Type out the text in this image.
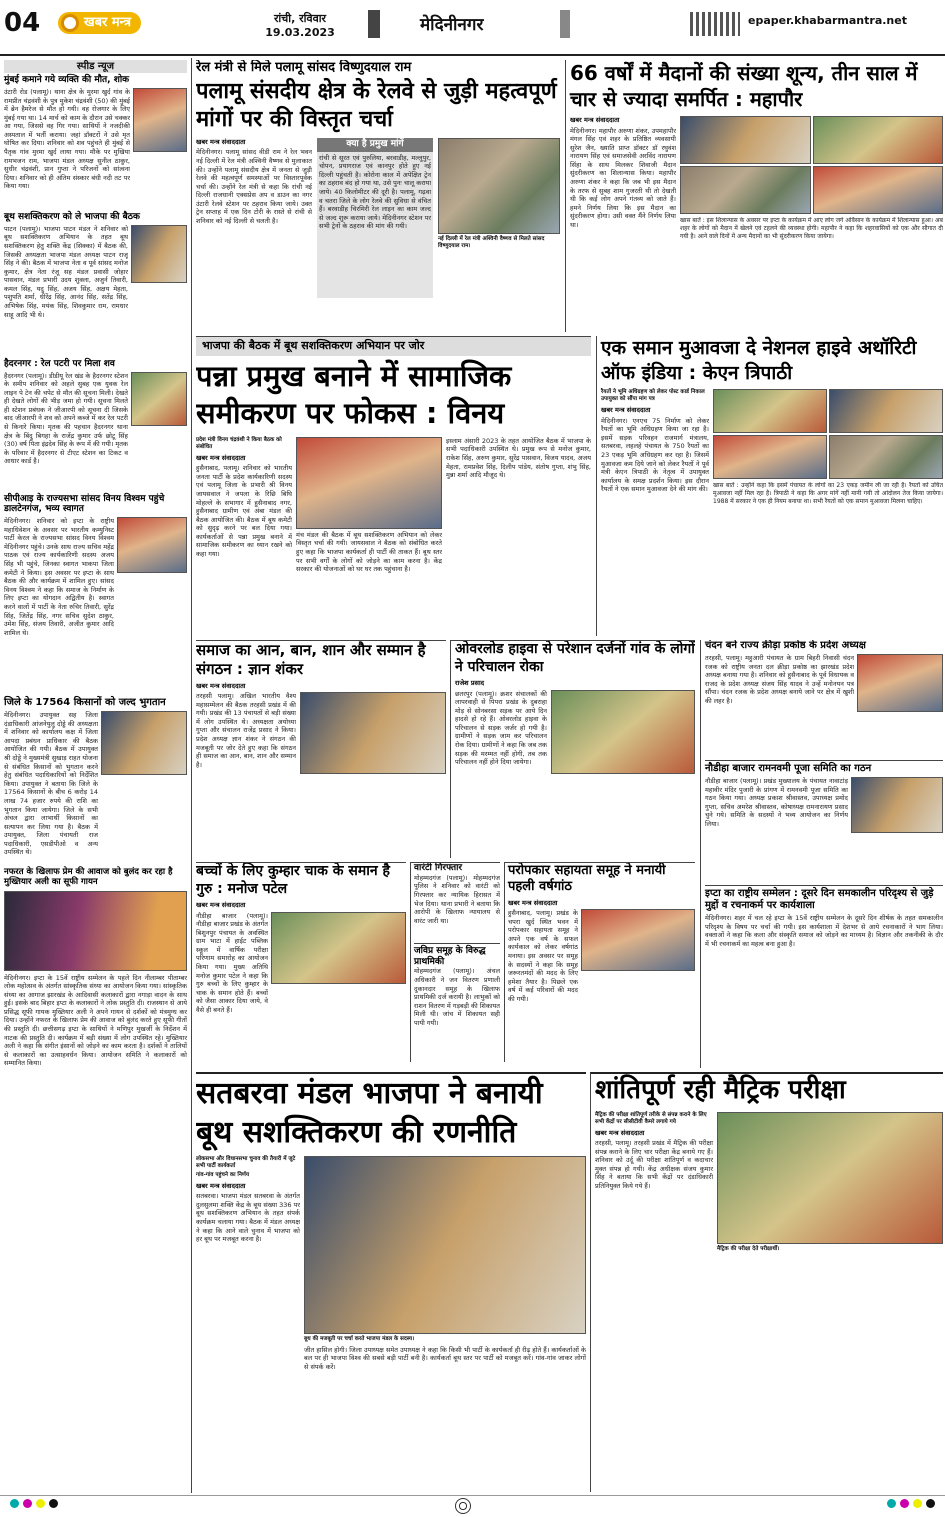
04	खबर मन्त्र	रांची, रविवार
19.03.2023	मेदिनीनगर	epaper.khabarmantra.net
स्पीड न्यूज
मुंबई कमाने गये व्यक्ति की मौत, शोक
उंटारी रोड (पलामू)। थाना क्षेत्र के मुरमा खुर्द गांव के रामप्रीत चंद्रवंशी के पुत्र मुकेश चंद्रवंशी (50) की मुंबई में ब्रेन हैमरेज से मौत हो गयी। वह रोजगार के लिए मुंबई गया था। 14 मार्च को काम के दौरान उसे चक्कर आ गया, जिससे वह गिर गया। साथियों ने नजदीकी अस्पताल में भर्ती कराया। जहां डॉक्टरों ने उसे मृत घोषित कर दिया। शनिवार को शव पहुंचते ही मुंबई से पैतृक गांव मुरमा खुर्द लाया गया। मौके पर मुखिया रामभजन राम, भाजपा मंडल अध्यक्ष सुनील ठाकुर, सुधीर चंद्रवंशी, प्रान गुप्ता ने परिजनों को सांत्वना दिया। शनिवार को ही अंतिम संस्कार बंधी नदी तट पर किया गया।
बूथ सशक्तिकरण को ले भाजपा की बैठक
पाटन (पलामू)। भाजपा पाटन मंडल ने शनिवार को बूथ सशक्तिकरण अभियान के तहत बूथ सशक्तिकरण हेतु शक्ति केंद्र (सिक्का) में बैठक की, जिसकी अध्यक्षता भाजपा मंडल अध्यक्ष पाटन राजू सिंह ने की। बैठक में भाजपा नेता व पूर्व सांसद मनोज कुमार, क्षेत्र नेता रंजू सह मंडल प्रवासी जोहार पासवान, मंडल प्रभारी उदय शुक्ला, अजुर्न तिवारी, कमल सिंह, यदु सिंह, अजय सिंह, अक्षय मेहता, पशुपति शर्मा, धीरेंद्र सिंह, आनंद सिंह, सतेंद्र सिंह, अभिषेक सिंह, मयंक सिंह, शिवकुमार राम, रामधार साहू आदि भी थे।
हैदरनगर : रेल पटरी पर मिला शव
हैदरनगर (पलामू)। डीडीयू रेल खंड के हैदरनगर स्टेशन के समीप शनिवार को अहले सुबह एक युवक रेल लाइन पे टेन की चपेट से मौत की सूचना मिली। देखते ही देखते लोगों की भीड़ जमा हो गयी। सूचना मिलते ही स्टेशन प्रबंधक ने जीआरपी को सूचना दी जिसके बाद जीआरपी ने शव को अपने कब्जे में कर रेल पटरी से किनारे किया। मृतक की पहचान हैदरनगर थाना क्षेत्र के बिंदु बिगहा के राजेंद्र कुमार उर्फ छोटू सिंह (30) वर्ष पिता इंद्रदेव सिंह के रूप में की गयी। मृतक के परिवार में हैदरनगर से टीएट स्टेशन का टिकट व आधार कार्ड है।
सीपीआइ के राज्यसभा सांसद विनय विश्वम पहुंचे डालटेनगंज, भव्य स्वागत
मेदिनीनगर। शनिवार को इप्टा के राष्ट्रीय महाधिवेशन के अवसर पर भारतीय कम्युनिस्ट पार्टी केरल के राज्यसभा सांसद विनय विश्वम मेदिनीनगर पहुंचे। उनके साथ राज्य सचिव महेंद्र पाठक एवं राज्य कार्यकारिणी सदस्य अजय सिंह भी पहुंचे, जिनका स्वागत भाकपा जिला कमेटी ने किया। इस अवसर पर इप्टा के साथ बैठक की और कार्यक्रम में शामिल हुए। सांसद विनय विश्वम ने कहा कि समाज के निर्माण के लिए इप्टा का योगदान अद्वितीय है। स्वागत करने वालों में पार्टी के नेता रुचिर तिवारी, सुरेंद्र सिंह, जितेंद्र सिंह, नगर सचिव सुदेश ठाकुर, उमेश सिंह, संजय तिवारी, अजीत कुमार आदि शामिल थे।
जिले के 17564 किसानों को जल्द भुगतान
मेदिनीनगर। उपायुक्त सह जिला दंडाधिकारी आंजनेयुलु दोड्डे की अध्यक्षता में शनिवार को कार्यालय कक्ष में जिला आपदा प्रबंधन प्राधिकार की बैठक आयोजित की गयी। बैठक में उपायुक्त श्री दोड्डे ने मुख्यमंत्री सुखाड़ राहत योजना से संबंधित किसानों को भुगतान करने हेतु संबंधित पदाधिकारियों को निर्देशित किया। उपायुक्त ने बताया कि जिले के 17564 किसानों के बीच 6 करोड़ 14 लाख 74 हजार रुपये की राशि का भुगतान किया जायेगा। जिले के सभी अंचल द्वारा लाभार्थी किसानों का सत्यापन कर लिया गया है। बैठक में उपायुक्त, जिला पंचायती राज पदाधिकारी, एसडीपीओ व अन्य उपस्थित थे।
नफरत के खिलाफ प्रेम की आवाज को बुलंद कर रहा है मुख्तियार अली का सूफी गायन
मेदिनीनगर। इप्टा के 15वें राष्ट्रीय सम्मेलन के पहले दिन नीलाम्बर पीताम्बर लोक महोत्सव के अंतर्गत सांस्कृतिक संध्या का आयोजन किया गया। सांस्कृतिक संध्या का आगाज झारखंड के आदिवासी कलाकारों द्वारा नगाड़ा वादन के साथ हुई। इसके बाद बिहार इप्टा के कलाकारों ने लोक प्रस्तुति दी। राजस्थान से आये प्रसिद्ध सूफी गायक मुख्तियार अली ने अपने गायन से दर्शकों को मंत्रमुग्ध कर दिया। उन्होंने नफरत के खिलाफ प्रेम की आवाज को बुलंद करते हुए सूफी गीतों की प्रस्तुति दी। छत्तीसगढ़ इप्टा के साथियों ने मणिपुर मुखर्जी के निर्देशन में नाटक की प्रस्तुति दी। कार्यक्रम में बड़ी संख्या में लोग उपस्थित रहे। मुख्तियार अली ने कहा कि संगीत इंसानों को जोड़ने का काम करता है। दर्शकों ने तालियों से कलाकारों का उत्साहवर्धन किया। आयोजन समिति ने कलाकारों को सम्मानित किया।
रेल मंत्री से मिले पलामू सांसद विष्णुदयाल राम
पलामू संसदीय क्षेत्र के रेलवे से जुड़ी महत्वपूर्ण मांगों पर की विस्तृत चर्चा
खबर मन्त्र संवाददाता
मेदिनीनगर। पलामू सांसद वीडी राम ने रेल भवन नई दिल्ली में रेल मंत्री अश्विनी वैष्णव से मुलाकात की। उन्होंने पलामू संसदीय क्षेत्र में जनता से जुड़ी रेलवे की महत्वपूर्ण समस्याओं पर विस्तारपूर्वक चर्चा की। उन्होंने रेल मंत्री से कहा कि रांची नई दिल्ली राजधानी एक्सप्रेस अप व डाउन का नगर उंटारी रेलवे स्टेशन पर ठहराव किया जाये। उक्त ट्रेन सप्ताह में एक दिन टोरी के रास्ते से रांची से शनिवार को नई दिल्ली से चलती है।
क्या है प्रमुख मांगें
रांची से सूरत एवं पुरुलिया, बरवाडीह, मल्लुपुर, चोपन, प्रयागराज एवं कानपुर होते हुए नई दिल्ली पहुंचती है। कोरोना काल में अपेक्षित ट्रेन का ठहराव बंद हो गया था, उसे पुनः चालू कराया जाये। 40 किलोमीटर की दूरी है। पलामू, गढ़वा व चतरा जिले के लोग रेलवे की सुविधा से वंचित हैं। बरवाडीह चिरमिरी रेल लाइन का काम जल्द से जल्द शुरू कराया जाये। मेदिनीनगर स्टेशन पर सभी ट्रेनों के ठहराव की मांग की गयी।
नई दिल्ली में रेल मंत्री अश्विनी वैष्णव से मिलते सांसद विष्णुदयाल राम।
66 वर्षों में मैदानों की संख्या शून्य, तीन साल में चार से ज्यादा समर्पित : महापौर
खबर मन्त्र संवाददाता
मेदिनीनगर। महापौर अरुणा शंकर, उपमहापौर मंगल सिंह एवं शहर के प्रतिष्ठित व्यवसायी सुरेश जैन, ख्याति प्राप्त डॉक्टर डॉ रघुवंश नारायण सिंह एवं समाजसेवी अरविंद नारायण सिंहा के साथ मिलकर शिवाजी मैदान सुंदरीकरण का शिलान्यास किया। महापौर अरुणा शंकर ने कहा कि जब भी इस मैदान के तरफ से सुबह शाम गुजरती थी तो देखती थी कि कई लोग अपने गंतव्य को जाते हैं। हमने निर्णय लिया कि इस मैदान का सुंदरीकरण होगा। उसी वक्त मैंने निर्णय लिया था।
खास बातें : इस शिलान्यास के अवसर पर इप्टा के कार्यक्रम में आए लोग जगे ओवैसान के कार्यक्रम में शिलान्यास हुआ। अब शहर के लोगों को मैदान में खेलने एवं टहलने की व्यवस्था होगी। महापौर ने कहा कि शहरवासियों को एक और सौगात दी गयी है। आने वाले दिनों में अन्य मैदानों का भी सुंदरीकरण किया जायेगा।
भाजपा की बैठक में बूथ सशक्तिकरण अभियान पर जोर
पन्ना प्रमुख बनाने में सामाजिक समीकरण पर फोकस : विनय
प्रदेश मंत्री विनय चंद्रवंशी ने किया बैठक को संबोधित
खबर मन्त्र संवाददाता
हुसैनाबाद, पलामू। शनिवार को भारतीय जनता पार्टी के प्रदेश कार्यकारिणी सदस्य एवं पलामू जिला के प्रभारी श्री विनय जायसवाल ने जपला के रिछि बिघि मोहल्ले के सभागार में हुसैनाबाद नगर, हुसैनाबाद ग्रामीण एवं अंबा मंडल की बैठक आयोजित की। बैठक में बूथ कमेटी को सुदृढ़ करने पर बल दिया गया। कार्यकर्ताओं से पन्ना प्रमुख बनाने में सामाजिक समीकरण का ध्यान रखने को कहा गया।
मंच मंडल की बैठक में बूथ सशक्तिकरण अभियान को लेकर विस्तृत चर्चा की गयी। जायसवाल ने बैठक को संबोधित करते हुए कहा कि भाजपा कार्यकर्ता ही पार्टी की ताकत हैं। बूथ स्तर पर सभी वर्गों के लोगों को जोड़ने का काम करना है। केंद्र सरकार की योजनाओं को घर घर तक पहुंचाना है।
इस्लाम अंसारी 2023 के तहत आयोजित बैठक में भाजपा के सभी पदाधिकारी उपस्थित थे। प्रमुख रूप से मनोज कुमार, राकेश सिंह, अरुण कुमार, सुरेंद्र पासवान, विजय यादव, अजय मेहता, रामप्रवेश सिंह, दिलीप पांडेय, संतोष गुप्ता, शंभु सिंह, मुन्ना शर्मा आदि मौजूद थे।
एक समान मुआवजा दे नेशनल हाइवे अथॉरिटी ऑफ इंडिया : केएन त्रिपाठी
रैयतों ने भूमि अधिग्रहण को लेकर पोस्ट कार्ड निकाल उपायुक्त को सौंपा मांग पत्र
खबर मन्त्र संवाददाता
मेदिनीनगर। एनएच 75 निर्माण को लेकर रैयतों का भूमि अधिग्रहण किया जा रहा है। इसमें सड़क परिवहन राजमार्ग मंत्रालय, सतबरवा, लहलहे पंचायत के 750 रैयतों का 23 एकड़ भूमि अधिग्रहण कर रहा है। जिसमें मुआवजा कम दिये जाने को लेकर रैयतों ने पूर्व मंत्री केएन त्रिपाठी के नेतृत्व में उपायुक्त कार्यालय के समक्ष प्रदर्शन किया। इस दौरान रैयतों ने एक समान मुआवजा देने की मांग की। खास बातें : उन्होंने कहा कि इसमें पंचायत के लोगों का 23 एकड़ जमीन ली जा रही है। रैयतों को उचित मुआवजा नहीं मिल रहा है। त्रिपाठी ने कहा कि अगर मांगें नहीं मानी गयी तो आंदोलन तेज किया जायेगा। 1988 में सरकार ने एक ही नियम बनाया था। सभी रैयतों को एक समान मुआवजा मिलना चाहिए।
समाज का आन, बान, शान और सम्मान है संगठन : ज्ञान शंकर
खबर मन्त्र संवाददाता
तरहसी पलामू। अखिल भारतीय वैश्य महासम्मेलन की बैठक तरहसी प्रखंड में की गयी। प्रखंड की 13 पंचायतों से बड़ी संख्या में लोग उपस्थित थे। अध्यक्षता अयोध्या गुप्ता और संचालन राजेंद्र प्रसाद ने किया। प्रदेश अध्यक्ष ज्ञान शंकर ने संगठन की मजबूती पर जोर देते हुए कहा कि संगठन ही समाज का आन, बान, शान और सम्मान है।
ओवरलोड हाइवा से परेशान दर्जनों गांव के लोगों ने परिचालन रोका
राजेश प्रसाद
छतरपुर (पलामू)। क्रशर संचालकों की लापरवाही से पिपरा प्रखंड के दुबराहा मोड़ से सोनबरसा सड़क पर आये दिन हादसे हो रहे हैं। ओवरलोड हाइवा के परिचालन से सड़क जर्जर हो गयी है। ग्रामीणों ने सड़क जाम कर परिचालन रोक दिया। ग्रामीणों ने कहा कि जब तक सड़क की मरम्मत नहीं होगी, तब तक परिचालन नहीं होने दिया जायेगा।
चंदन बने राज्य क्रीड़ा प्रकोष्ठ के प्रदेश अध्यक्ष
तरहसी, पलामू। महुआरी पंचायत के ग्राम बिहरी निवासी चंदन रजक को राष्ट्रीय जनता दल क्रीड़ा प्रकोष्ठ का झारखंड प्रदेश अध्यक्ष बनाया गया है। शनिवार को हुसैनाबाद के पूर्व विधायक व राजद के प्रदेश अध्यक्ष संजय सिंह यादव ने उन्हें मनोनयन पत्र सौंपा। चंदन रजक के प्रदेश अध्यक्ष बनाये जाने पर क्षेत्र में खुशी की लहर है।
नौडीहा बाजार रामनवमी पूजा समिति का गठन
नौडीहा बाजार (पलामू)। प्रखंड मुख्यालय के पंचायत नावाटांड़ महावीर मंदिर पुजारी के प्रांगण में रामनवमी पूजा समिति का गठन किया गया। अध्यक्ष प्रकाश श्रीवास्तव, उपाध्यक्ष प्रमोद गुप्ता, सचिव अमरेश श्रीवास्तव, कोषाध्यक्ष रामनारायण प्रसाद चुने गये। समिति के सदस्यों ने भव्य आयोजन का निर्णय लिया।
इप्टा का राष्ट्रीय सम्मेलन : दूसरे दिन समकालीन परिदृश्य से जुड़े मुद्दों व रचनाकर्म पर कार्यशाला
मेदिनीनगर। शहर में चल रहे इप्टा के 15वें राष्ट्रीय सम्मेलन के दूसरे दिन शीर्षक के तहत समकालीन परिदृश्य के विषय पर चर्चा की गयी। इस कार्यशाला में देशभर से आये रचनाकारों ने भाग लिया। वक्ताओं ने कहा कि कला और संस्कृति समाज को जोड़ने का माध्यम है। विज्ञान और तकनीकी के दौर में भी रचनाकर्म का महत्व बना हुआ है।
बच्चों के लिए कुम्हार चाक के समान है गुरु : मनोज पटेल
खबर मन्त्र संवाददाता
नौडीहा बाजार (पलामू)। नौडीहा बाजार प्रखंड के अंतर्गत बिशुनपुर पंचायत के अवस्थित ग्राम भाटा में हाईट पब्लिक स्कूल में वार्षिक परीक्षा परिणाम समारोह का आयोजन किया गया। मुख्य अतिथि मनोज कुमार पटेल ने कहा कि गुरु बच्चों के लिए कुम्हार के चाक के समान होते हैं। बच्चों को जैसा आकार दिया जाये, वे वैसे ही बनते हैं।
वारंटी गिरफ्तार
मोहम्मदगंज (पलामू)। मोहम्मदगंज पुलिस ने शनिवार को वारंटी को गिरफ्तार कर न्यायिक हिरासत में भेज दिया। थाना प्रभारी ने बताया कि आरोपी के खिलाफ न्यायालय से वारंट जारी था।
जविप्र समूह के विरुद्ध प्राथमिकी
मोहम्मदगंज (पलामू)। अंचल अधिकारी ने जन वितरण प्रणाली दुकानदार समूह के खिलाफ प्राथमिकी दर्ज करायी है। लाभुकों को राशन वितरण में गड़बड़ी की शिकायत मिली थी। जांच में शिकायत सही पायी गयी।
परोपकार सहायता समूह ने मनायी पहली वर्षगांठ
खबर मन्त्र संवाददाता
हुसैनाबाद, पलामू। प्रखंड के चपरा खुर्द स्थित भवन में परोपकार सहायता समूह ने अपने एक वर्ष के सफल कार्यकाल को लेकर वर्षगांठ मनाया। इस अवसर पर समूह के सदस्यों ने कहा कि समूह जरूरतमंदों की मदद के लिए हमेशा तैयार है। पिछले एक वर्ष में कई परिवारों की मदद की गयी।
सतबरवा मंडल भाजपा ने बनायी बूथ सशक्तिकरण की रणनीति
लोकसभा और विधानसभा चुनाव की तैयारी में जुटे सभी पार्टी कार्यकर्ता
गांव-गांव पहुंचने का निर्णय
खबर मन्त्र संवाददाता
सतबरवा। भाजपा मंडल सतबरवा के अंतर्गत दुलसुलमा शक्ति केंद्र के बूथ संख्या 336 पर बूथ सशक्तिकरण अभियान के तहत संपर्क कार्यक्रम चलाया गया। बैठक में मंडल अध्यक्ष ने कहा कि आने वाले चुनाव में भाजपा को हर बूथ पर मजबूत करना है।
बूथ की मजबूती पर चर्चा करते भाजपा मंडल के सदस्य।
जीत हासिल होगी। जिला उपाध्यक्ष समेत उपाध्यक्ष ने कहा कि किसी भी पार्टी के कार्यकर्ता ही रीढ़ होते हैं। कार्यकर्ताओं के बल पर ही भाजपा विश्व की सबसे बड़ी पार्टी बनी है। कार्यकर्ता बूथ स्तर पर पार्टी को मजबूत करें। गांव-गांव जाकर लोगों से संपर्क करें।
शांतिपूर्ण रही मैट्रिक परीक्षा
मैट्रिक की परीक्षा शांतिपूर्ण तरीके से संपन्न कराने के लिए सभी केंद्रों पर सीसीटीवी कैमरे लगाये गये
खबर मन्त्र संवाददाता
तरहसी, पलामू। तरहसी प्रखंड में मैट्रिक की परीक्षा संपन्न कराने के लिए चार परीक्षा केंद्र बनाये गए हैं। शनिवार को उर्दू की परीक्षा शांतिपूर्ण व कदाचार मुक्त संपन्न हो गयी। केंद्र अधीक्षक संजय कुमार सिंह ने बताया कि सभी केंद्रों पर दंडाधिकारी प्रतिनियुक्त किये गये हैं।
मैट्रिक की परीक्षा देते परीक्षार्थी।
